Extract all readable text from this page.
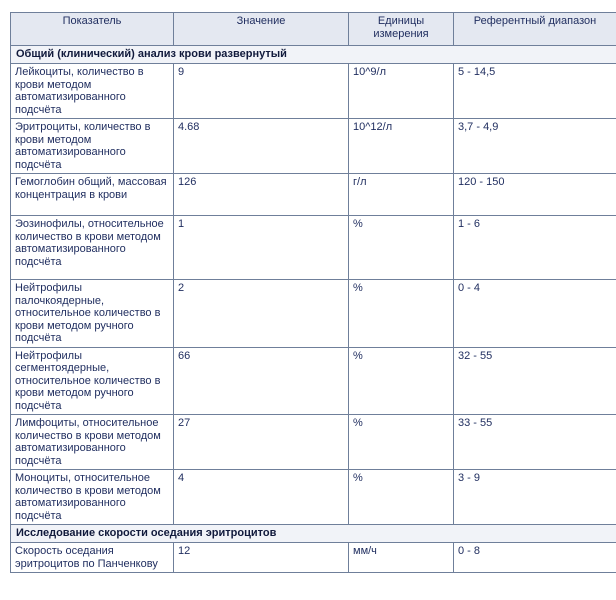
Показатель	Значение	Единицы измерения	Референтный диапазон
Общий (клинический) анализ крови развернутый			
Лейкоциты, количество в крови методом автоматизированного подсчёта	9	10^9/л	5 - 14,5
Эритроциты, количество в крови методом автоматизированного подсчёта	4.68	10^12/л	3,7 - 4,9
Гемоглобин общий, массовая концентрация в крови	126	г/л	120 - 150
Эозинофилы, относительное количество в крови методом автоматизированного подсчёта	1	%	1 - 6
Нейтрофилы палочкоядерные, относительное количество в крови методом ручного подсчёта	2	%	0 - 4
Нейтрофилы сегментоядерные, относительное количество в крови методом ручного подсчёта	66	%	32 - 55
Лимфоциты, относительное количество в крови методом автоматизированного подсчёта	27	%	33 - 55
Моноциты, относительное количество в крови методом автоматизированного подсчёта	4	%	3 - 9
Исследование скорости оседания эритроцитов			
Скорость оседания эритроцитов по Панченкову	12	мм/ч	0 - 8
